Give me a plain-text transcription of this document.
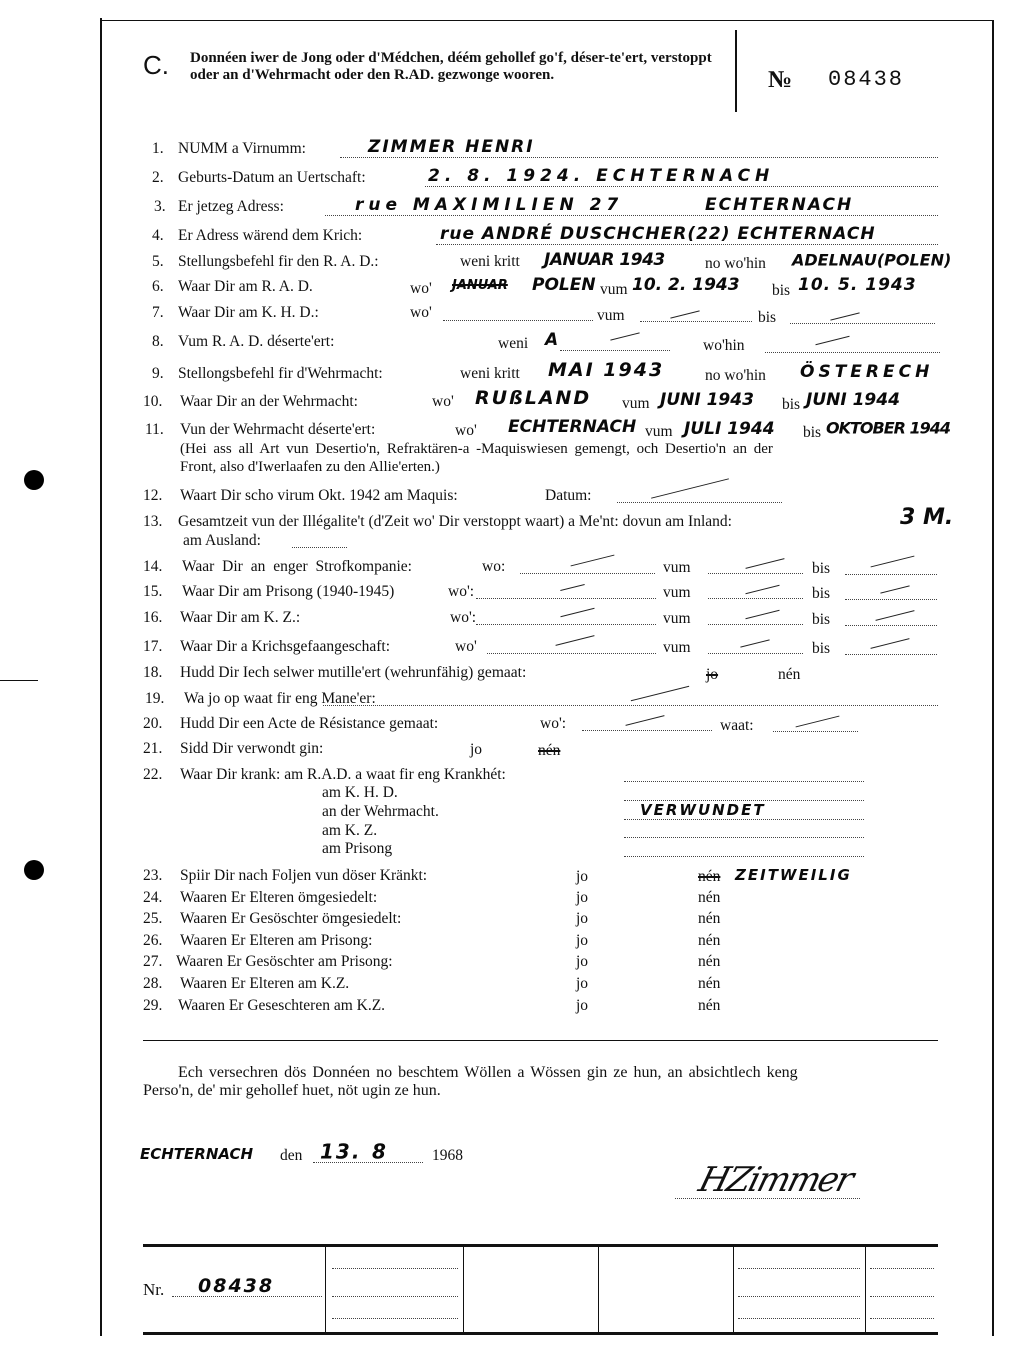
C. Donnéen iwer de Jong oder d'Médchen, déém gehollef go'f, déser-te'ert, verstoppt oder an d'Wehrmacht oder den R.AD. gezwonge wooren.	№ 08438
1. NUMM a Virnumm:	ZIMMER HENRI
2. Geburts-Datum an Uertschaft:	2. 8. 1924. ECHTERNACH
3. Er jetzeg Adress:	rue MAXIMILIEN 27	ECHTERNACH
4. Er Adress wärend dem Krich:	rue ANDRÉ DUSCHCHER(22) ECHTERNACH
5. Stellungsbefehl fir den R. A. D.:	weni kritt JANUAR 1943	no wo'hin ADELNAU(POLEN)
6. Waar Dir am R. A. D.	wo' JANUAR POLEN vum 10. 2. 1943 bis 10. 5. 1943
7. Waar Dir am K. H. D.:	wo'	vum	bis
8. Vum R. A. D. déserte'ert:	weni A	wo'hin
9. Stellongsbefehl fir d'Wehrmacht:	weni kritt MAI 1943	no wo'hin ÖSTERECH
10. Waar Dir an der Wehrmacht:	wo' RUßLAND vum JUNI 1943 bis JUNI 1944
11. Vun der Wehrmacht déserte'ert:	wo' ECHTERNACH vum JULI 1944 bis OKTOBER 1944
(Hei ass all Art vun Desertio'n, Refraktären-a -Maquiswiesen gemengt, och Desertio'n an der
Front, also d'Iwerlaafen zu den Allie'erten.)
12. Waart Dir scho virum Okt. 1942 am Maquis:	Datum:
13. Gesamtzeit vun der Illégalite't (d'Zeit wo' Dir verstoppt waart) a Me'nt: dovun am Inland:	3 M.
am Ausland:
14. Waar Dir an enger Strofkompanie:	wo:	vum	bis
15. Waar Dir am Prisong (1940-1945)	wo':	vum	bis
16. Waar Dir am K. Z.:	wo':	vum	bis
17. Waar Dir a Krichsgefaangeschaft:	wo'	vum	bis
18. Hudd Dir Iech selwer mutille'ert (wehrunfähig) gemaat:	jo	nén
19. Wa jo op waat fir eng Mane'er:
20. Hudd Dir een Acte de Résistance gemaat:	wo':	waat:
21. Sidd Dir verwondt gin:	jo	nén
22. Waar Dir krank: am R.A.D. a waat fir eng Krankhét:
am K. H. D.
an der Wehrmacht.	VERWUNDET
am K. Z.
am Prisong
23. Spiir Dir nach Foljen vun döser Kränkt:	jo	nén ZEITWEILIG
24. Waaren Er Elteren ömgesiedelt:	jo	nén
25. Waaren Er Gesöschter ömgesiedelt:	jo	nén
26. Waaren Er Elteren am Prisong:	jo	nén
27. Waaren Er Gesöschter am Prisong:	jo	nén
28. Waaren Er Elteren am K.Z.	jo	nén
29. Waaren Er Geseschteren am K.Z.	jo	nén
Ech versechren dös Donnéen no beschtem Wöllen a Wössen gin ze hun, an absichtlech keng
Perso'n, de' mir gehollef huet, nöt ugin ze hun.
ECHTERNACH den 13. 8	1968
HZimmer
Nr. 08438
